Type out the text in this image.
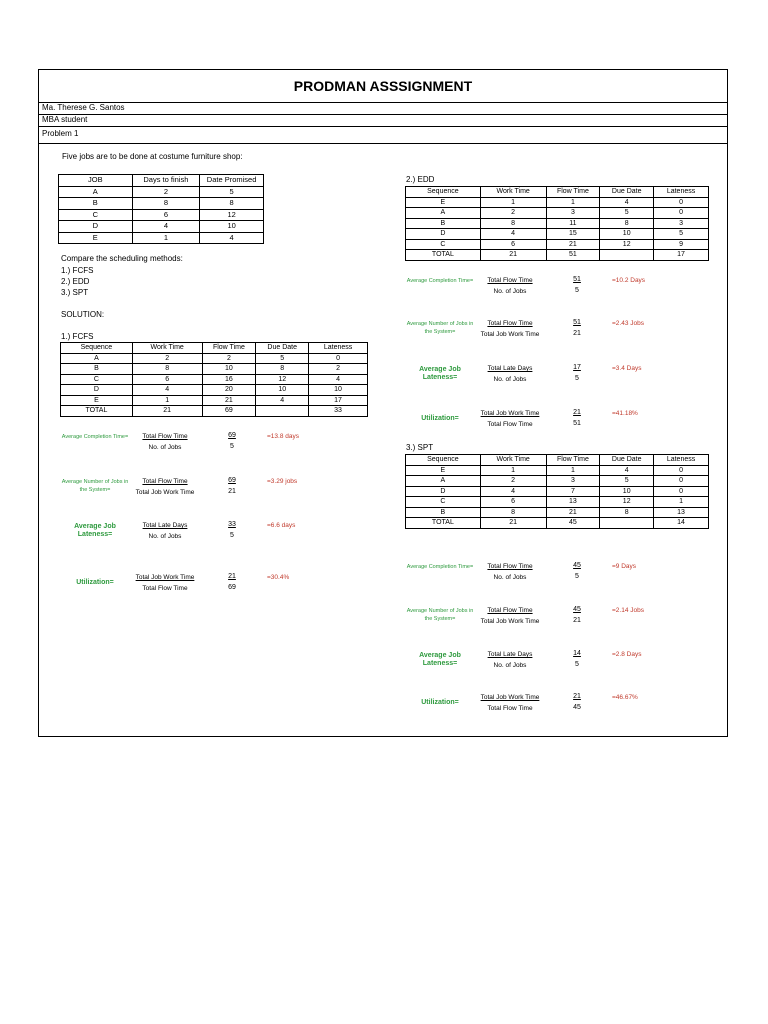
PRODMAN ASSSIGNMENT
Ma. Therese G. Santos
MBA student
Problem 1
Five jobs are to be done at costume furniture shop:
JOB	Days to finish	Date Promised
A	2	5
B	8	8
C	6	12
D	4	10
E	1	4
Compare the scheduling methods:
1.) FCFS
2.) EDD
3.) SPT
SOLUTION:
1.) FCFS
2.) EDD
3.) SPT
Sequence	Work Time	Flow Time	Due Date	Lateness
A	2	2	5	0
B	8	10	8	2
C	6	16	12	4
D	4	20	10	10
E	1	21	4	17
TOTAL	21	69		33
Sequence	Work Time	Flow Time	Due Date	Lateness
E	1	1	4	0
A	2	3	5	0
B	8	11	8	3
D	4	15	10	5
C	6	21	12	9
TOTAL	21	51		17
Sequence	Work Time	Flow Time	Due Date	Lateness
E	1	1	4	0
A	2	3	5	0
D	4	7	10	0
C	6	13	12	1
B	8	21	8	13
TOTAL	21	45		14
Average Completion Time=	Total Flow Time
No. of Jobs
69
5
=13.8 days
Average Number of Jobs in the System=
Total Flow Time
Total Job Work Time
69
21
=3.29 jobs
Average Job Lateness=
Total Late Days
No. of Jobs
33
5
=6.6 days
Utilization=
Total Job Work Time
Total Flow Time
21
69
=30.4%
Average Completion Time=	Total Flow Time
No. of Jobs
51
5
=10.2 Days
Average Number of Jobs in the System=
Total Flow Time
Total Job Work Time
51
21
=2.43 Jobs
Average Job Lateness=
Total Late Days
No. of Jobs
17
5
=3.4 Days
Utilization=
Total Job Work Time
Total Flow Time
21
51
=41.18%
Average Completion Time=	Total Flow Time
No. of Jobs
45
5
=9 Days
Average Number of Jobs in the System=
Total Flow Time
Total Job Work Time
45
21
=2.14 Jobs
Average Job Lateness=
Total Late Days
No. of Jobs
14
5
=2.8 Days
Utilization=
Total Job Work Time
Total Flow Time
21
45
=46.67%
